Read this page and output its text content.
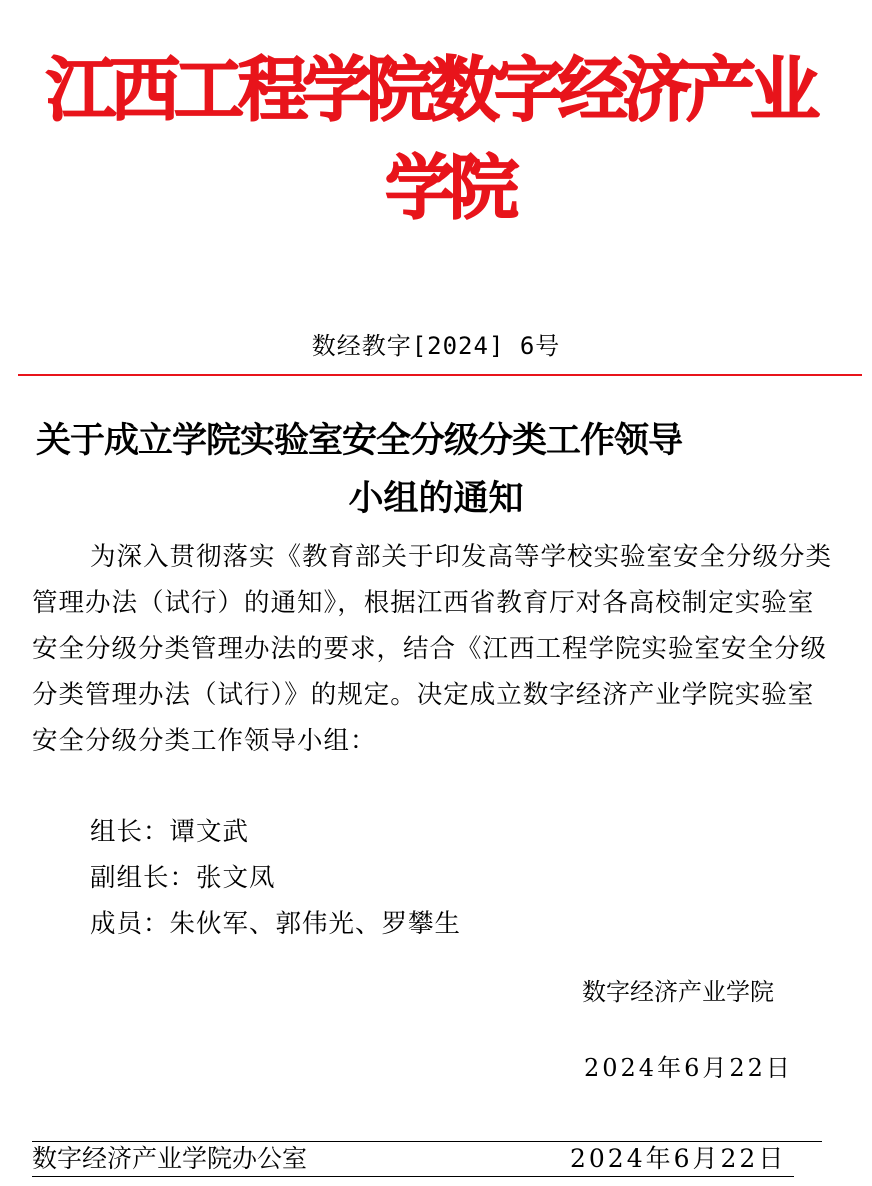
江西工程学院数字经济产业
学院
数经教字[2024] 6号
关于成立学院实验室安全分级分类工作领导
小组的通知
为深入贯彻落实《教育部关于印发高等学校实验室安全分级分类管理办法（试行）的通知》，根据江西省教育厅对各高校制定实验室安全分级分类管理办法的要求，结合《江西工程学院实验室安全分级分类管理办法（试行）》的规定。决定成立数字经济产业学院实验室安全分级分类工作领导小组：
组长：谭文武
副组长：张文凤
成员：朱伙军、郭伟光、罗攀生
数字经济产业学院
2024年6月22日
数字经济产业学院办公室	2024年6月22日
